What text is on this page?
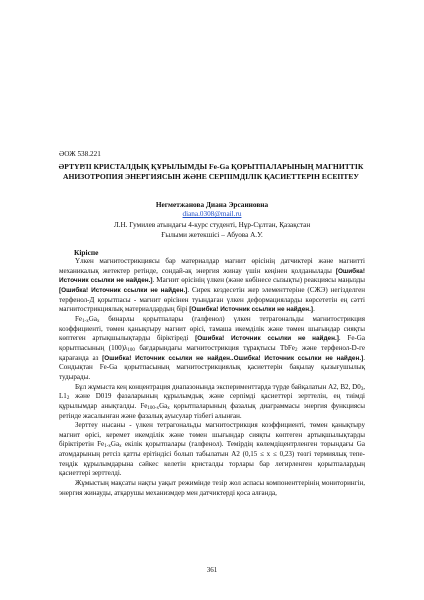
ӘОЖ 538.221
ӘРТҮРЛІ КРИСТАЛДЫҚ ҚҰРЫЛЫМДЫ Fe-Ga ҚОРЫТПАЛАРЫНЫҢ МАГНИТТІК АНИЗОТРОПИЯ ЭНЕРГИЯСЫН ЖӘНЕ СЕРПІМДІЛІК ҚАСИЕТТЕРІН ЕСЕПТЕУ
Негметжанова Диана Эрсаиновна
diana.0308@mail.ru
Л.Н. Гумилев атындағы 4-курс студенті, Нұр-Сұлтан, Қазақстан
Ғылыми жетекшісі – Абуова А.У.
Кіріспе

Үлкен магнитострикциясы бар материалдар магнит өрісінің датчиктері және магнитті механикалық жетектер ретінде, сондай-ақ энергия жинау үшін кеңінен қолданылады [Ошибка! Источник ссылки не найден.]. Магнит өрісінің үлкен (және көбінесе сызықты) реакциясы маңызды [Ошибка! Источник ссылки не найден.]. Сирек кездесетін жер элементтеріне (СЖЭ) негізделген терфенол-Д қорытпасы - магнит өрісінен туындаған үлкен деформацияларды көрсететін ең сәтті магнитострикциялық материалдардың бірі [Ошибка! Источник ссылки не найден.].

$Fe_{1-x}Ga_x$ бинарлы қорытпалары (галфенол) үлкен тетрагональды магнитострикция коэффициенті, төмен қанықтыру магнит өрісі, тамаша икемділік және төмен шығындар сияқты көптеген артықшылықтарды біріктіреді [Ошибка! Источник ссылки не найден.]. Fe-Ga қорытпасының $(100)\lambda_{100}$ бағдарындағы магнитострикция тұрақтысы TbFe$_2$ және терфенол-D-ге қарағанда аз [Ошибка! Источник ссылки не найден..Ошибка! Источник ссылки не найден.]. Сондықтан Fe-Ga қорытпасының магнитострикциялық қасиеттерін бақылау қызығушылық тудырады.

Бұл жұмыста кең концентрация диапазонында эксперименттарда түрде байқалатын A2, B2, $D0_3$, $L1_2$ және D019 фазаларының құрылымдық және серпімді қасиеттері зерттелін, ең тиімді құрылымдар анықталды. $Fe_{100-x}Ga_x$ қорытпаларының фазалық диаграммасы энергия функциясы ретінде жасалынған және фазалық ауысулар тізбегі алынған.

Зерттеу нысаны - үлкен тетрагональды магнитострикция коэффициенті, төмен қанықтыру магнит өрісі, керемет икемділік және төмен шығындар сияқты көптеген артықшылықтарды біріктіретін $Fe_{1-x}Ga_x$ екілік қорытпалары (галфенол). Темірдің көлемдіцентрленген торындағы Ga атомдарының ретсіз қатты ерітіндісі болып табылатын A2 (0,15 ≤ x ≤ 0,23) төзгі термиялық тепе-теңдік құрылымдарына сәйкес келетін кристалды торлары бар легирленген қорытпалардың қасиеттері зерттелді.

Жұмыстың мақсаты нақты уақыт режимінде тезір жол аспасы компоненттерінің мониторингін, энергия жинауды, атқарушы механизмдер мен датчиктерді қоса алғанда,

361
